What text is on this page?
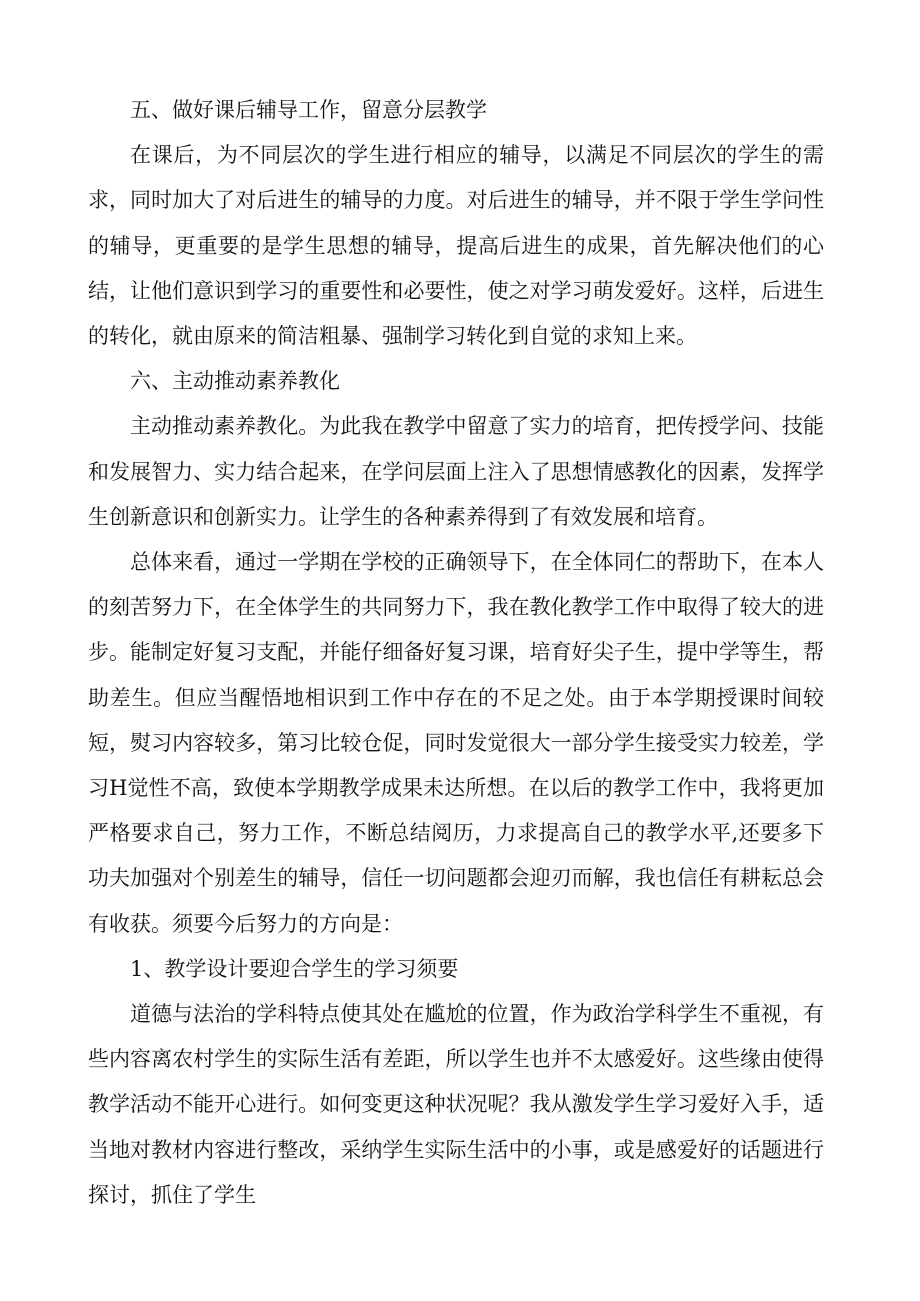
五、做好课后辅导工作，留意分层教学

在课后，为不同层次的学生进行相应的辅导，以满足不同层次的学生的需求，同时加大了对后进生的辅导的力度。对后进生的辅导，并不限于学生学问性的辅导，更重要的是学生思想的辅导，提高后进生的成果，首先解决他们的心结，让他们意识到学习的重要性和必要性，使之对学习萌发爱好。这样，后进生的转化，就由原来的简洁粗暴、强制学习转化到自觉的求知上来。

六、主动推动素养教化

主动推动素养教化。为此我在教学中留意了实力的培育，把传授学问、技能和发展智力、实力结合起来，在学问层面上注入了思想情感教化的因素，发挥学生创新意识和创新实力。让学生的各种素养得到了有效发展和培育。

总体来看，通过一学期在学校的正确领导下，在全体同仁的帮助下，在本人的刻苦努力下，在全体学生的共同努力下，我在教化教学工作中取得了较大的进步。能制定好复习支配，并能仔细备好复习课，培育好尖子生，提中学等生，帮助差生。但应当醒悟地相识到工作中存在的不足之处。由于本学期授课时间较短，熨习内容较多，第习比较仓促，同时发觉很大一部分学生接受实力较差，学习H觉性不高，致使本学期教学成果未达所想。在以后的教学工作中，我将更加严格要求自己，努力工作，不断总结阅历，力求提高自己的教学水平,还要多下功夫加强对个别差生的辅导，信任一切问题都会迎刃而解，我也信任有耕耘总会有收获。须要今后努力的方向是：

1、教学设计要迎合学生的学习须要

道德与法治的学科特点使其处在尴尬的位置，作为政治学科学生不重视，有些内容离农村学生的实际生活有差距，所以学生也并不太感爱好。这些缘由使得教学活动不能开心进行。如何变更这种状况呢？我从激发学生学习爱好入手，适当地对教材内容进行整改，采纳学生实际生活中的小事，或是感爱好的话题进行探讨，抓住了学生
